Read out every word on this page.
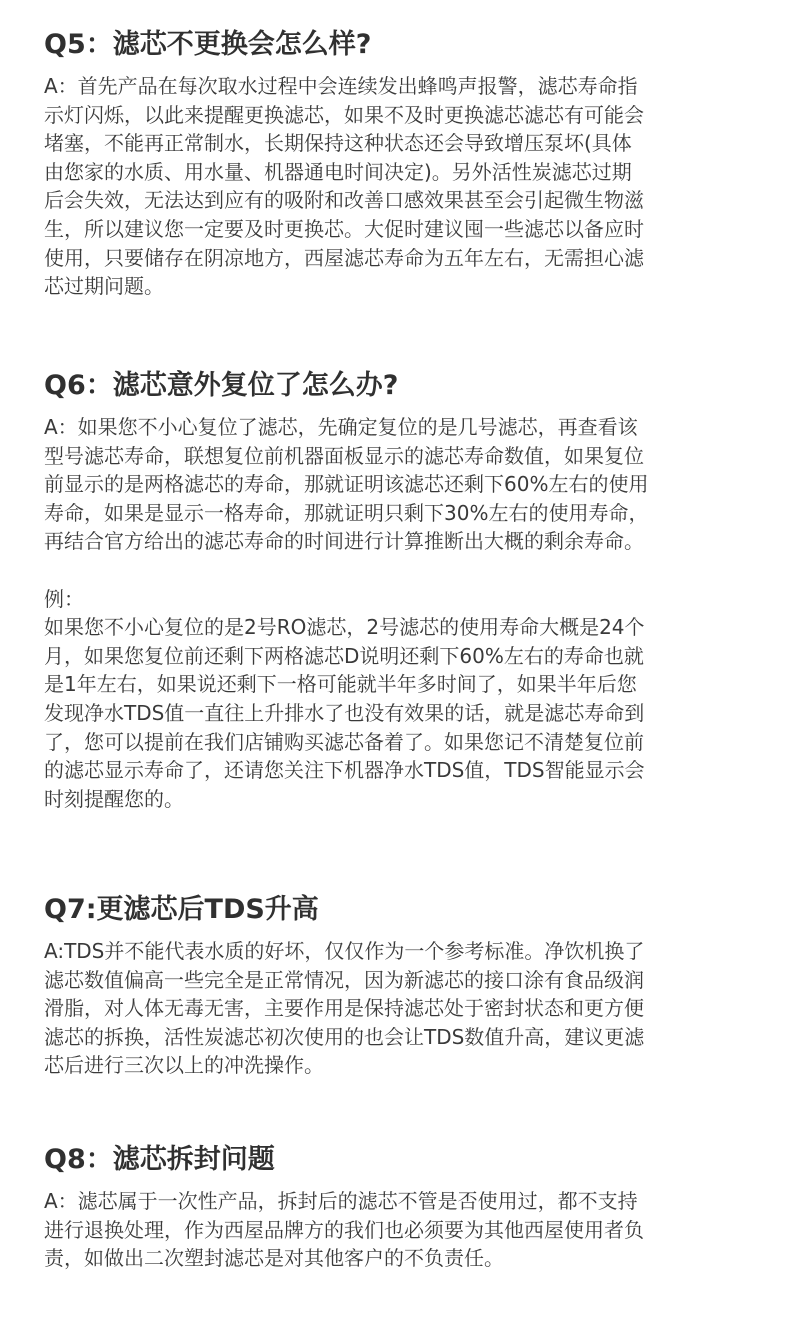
Q5：滤芯不更换会怎么样?
A：首先产品在每次取水过程中会连续发出蜂鸣声报警，滤芯寿命指
示灯闪烁，以此来提醒更换滤芯，如果不及时更换滤芯滤芯有可能会
堵塞，不能再正常制水，长期保持这种状态还会导致增压泵坏(具体
由您家的水质、用水量、机器通电时间决定)。另外活性炭滤芯过期
后会失效，无法达到应有的吸附和改善口感效果甚至会引起微生物滋
生，所以建议您一定要及时更换芯。大促时建议囤一些滤芯以备应时
使用，只要储存在阴凉地方，西屋滤芯寿命为五年左右，无需担心滤
芯过期问题。
Q6：滤芯意外复位了怎么办?
A：如果您不小心复位了滤芯，先确定复位的是几号滤芯，再查看该
型号滤芯寿命，联想复位前机器面板显示的滤芯寿命数值，如果复位
前显示的是两格滤芯的寿命，那就证明该滤芯还剩下60%左右的使用
寿命，如果是显示一格寿命，那就证明只剩下30%左右的使用寿命，
再结合官方给出的滤芯寿命的时间进行计算推断出大概的剩余寿命。
例：
如果您不小心复位的是2号RO滤芯，2号滤芯的使用寿命大概是24个
月，如果您复位前还剩下两格滤芯D说明还剩下60%左右的寿命也就
是1年左右，如果说还剩下一格可能就半年多时间了，如果半年后您
发现净水TDS值一直往上升排水了也没有效果的话，就是滤芯寿命到
了，您可以提前在我们店铺购买滤芯备着了。如果您记不清楚复位前
的滤芯显示寿命了，还请您关注下机器净水TDS值，TDS智能显示会
时刻提醒您的。
Q7:更滤芯后TDS升高
A:TDS并不能代表水质的好坏，仅仅作为一个参考标准。净饮机换了
滤芯数值偏高一些完全是正常情况，因为新滤芯的接口涂有食品级润
滑脂，对人体无毒无害，主要作用是保持滤芯处于密封状态和更方便
滤芯的拆换，活性炭滤芯初次使用的也会让TDS数值升高，建议更滤
芯后进行三次以上的冲洗操作。
Q8：滤芯拆封问题
A：滤芯属于一次性产品，拆封后的滤芯不管是否使用过，都不支持
进行退换处理，作为西屋品牌方的我们也必须要为其他西屋使用者负
责，如做出二次塑封滤芯是对其他客户的不负责任。
